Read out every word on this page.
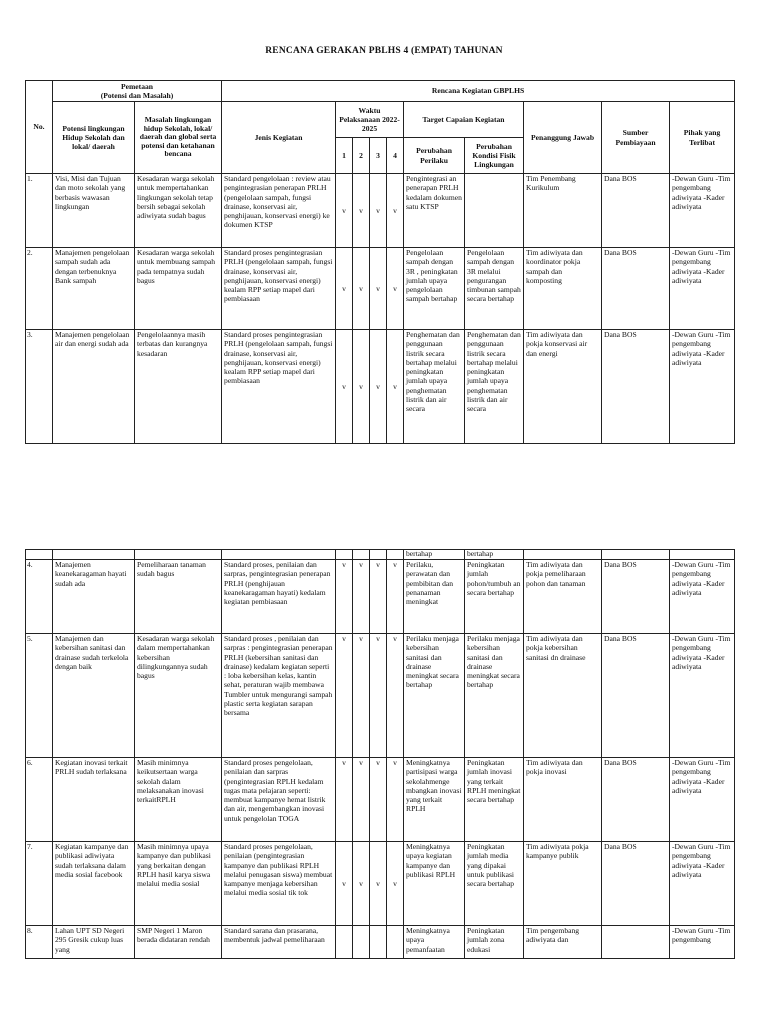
RENCANA GERAKAN PBLHS 4 (EMPAT) TAHUNAN
No.	Pemetaan
(Potensi dan Masalah)		Rencana Kegiatan GBPLHS									
	Potensi lingkungan Hidup Sekolah dan lokal/ daerah	Masalah lingkungan hidup Sekolah, lokal/ daerah dan global serta potensi dan ketahanan bencana	Jenis Kegiatan	Waktu Pelaksanaan 2022-2025				Target Capaian Kegiatan		Penanggung Jawab	Sumber Pembiayaan	Pihak yang Terlibat
				1	2	3	4	Perubahan Perilaku	Perubahan Kondisi Fisik Lingkungan			
1.	Visi, Misi dan Tujuan dan moto sekolah yang berbasis wawasan lingkungan	Kesadaran warga sekolah untuk mempertahankan lingkungan sekolah tetap bersih sebagai sekolah adiwiyata sudah bagus	Standard pengelolaan : review atau pengintegrasian penerapan PRLH (pengelolaan sampah, fungsi drainase, konservasi air, penghijauan, konservasi energi) ke dokumen KTSP	v	v	v	v	Pengintegrasi an penerapan PRLH kedalam dokumen satu KTSP		Tim Penembang Kurikulum	Dana BOS	-Dewan Guru -Tim pengembang adiwiyata -Kader adiwiyata
2.	Manajemen pengelolaan sampah sudah ada dengan terbenuknya Bank sampah	Kesadaran warga sekolah untuk membuang sampah pada tempatnya sudah bagus	Standard proses pengintegrasian PRLH (pengelolaan sampah, fungsi drainase, konservasi air, penghijauan, konservasi energi) kealam RPP setiap mapel dari pembiasaan	v	v	v	v	Pengelolaan sampah dengan 3R , peningkatan jumlah upaya pengelolaan sampah bertahap	Pengelolaan sampah dengan 3R melalui pengurangan timbunan sampah secara bertahap	Tim adiwiyata dan koordinator pokja sampah dan komposting	Dana BOS	-Dewan Guru -Tim pengembang adiwiyata -Kader adiwiyata
3.	Manajemen pengelolaan air dan energi sudah ada	Pengelolaannya masih terbatas dan kurangnya kesadaran	Standard proses pengintegrasian PRLH (pengelolaan sampah, fungsi drainase, konservasi air, penghijauan, konservasi energi) kealam RPP setiap mapel dari pembiasaan	v	v	v	v	Penghematan dan penggunaan listrik secara bertahap melalui peningkatan jumlah upaya penghematan listrik dan air secara	Penghematan dan penggunaan listrik secara bertahap melalui peningkatan jumlah upaya penghematan listrik dan air secara	Tim adiwiyata dan pokja konservasi air dan energi	Dana BOS	-Dewan Guru -Tim pengembang adiwiyata -Kader adiwiyata
								bertahap	bertahap			
4.	Manajemen keanekaragaman hayati sudah ada	Pemeliharaan tanaman sudah bagus	Standard proses, penilaian dan sarpras, pengintegrasian penerapan PRLH (penghijauan keanekaragaman hayati) kedalam kegiatan pembiasaan	v	v	v	v	Perilaku, perawatan dan pembibitan dan penanaman meningkat	Peningkatan jumlah pohon/tumbuh an secara bertahap	Tim adiwiyata dan pokja pemeliharaan pohon dan tanaman	Dana BOS	-Dewan Guru -Tim pengembang adiwiyata -Kader adiwiyata
5.	Manajemen dan kebersihan sanitasi dan drainase sudah terkelola dengan baik	Kesadaran warga sekolah dalam mempertahankan kebersihan dilingkungannya sudah bagus	Standard proses , penilaian dan sarpras : pengintegrasian penerapan PRLH (kebersihan sanitasi dan drainase) kedalam kegiatan seperti : loba kebersihan kelas, kantin sehat, peraturan wajib membawa Tumbler untuk mengurangi sampah plastic serta kegiatan sarapan bersama	v	v	v	v	Perilaku menjaga kebersihan sanitasi dan drainase meningkat secara bertahap	Perilaku menjaga kebersihan sanitasi dan drainase meningkat secara bertahap	Tim adiwiyata dan pokja kebersihan sanitasi dn drainase	Dana BOS	-Dewan Guru -Tim pengembang adiwiyata -Kader adiwiyata
6.	Kegiatan inovasi terkait PRLH sudah terlaksana	Masih minimnya keikutsertaan warga sekolah dalam melaksanakan inovasi terkaitRPLH	Standard proses pengelolaan, penilaian dan sarpras (pengintegrasian RPLH kedalam tugas mata pelajaran seperti: membuat kampanye hemat listrik dan air, mengembangkan inovasi untuk pengelolan TOGA	v	v	v	v	Meningkatnya partisipasi warga sekolahmenge mbangkan inovasi yang terkait RPLH	Peningkatan jumlah inovasi yang terkait RPLH meningkat secara bertahap	Tim adiwiyata dan pokja inovasi	Dana BOS	-Dewan Guru -Tim pengembang adiwiyata -Kader adiwiyata
7.	Kegiatan kampanye dan publikasi adiwiyata sudah terlaksana dalam media sosial facebook	Masih minimnya upaya kampanye dan publikasi yang berkaitan dengan RPLH hasil karya siswa melalui media sosial	Standard proses pengelolaan, penilaian (pengintegrasian kampanye dan publikasi RPLH melalui penugasan siswa) membuat kampanye menjaga kebersihan melalui media sosial tik tok	v	v	v	v	Meningkatnya upaya kegiatan kampanye dan publikasi RPLH	Peningkatan jumlah media yang dipakai untuk publikasi secara bertahap	Tim adiwiyata pokja kampanye publik	Dana BOS	-Dewan Guru -Tim pengembang adiwiyata -Kader adiwiyata
8.	Lahan UPT SD Negeri 295 Gresik cukup luas yang	SMP Negeri 1 Maron berada didataran rendah	Standard sarana dan prasarana, membentuk jadwal pemeliharaan					Meningkatnya upaya pemanfaatan	Peningkatan jumlah zona edukasi	Tim pengembang adiwiyata dan		-Dewan Guru -Tim pengembang
